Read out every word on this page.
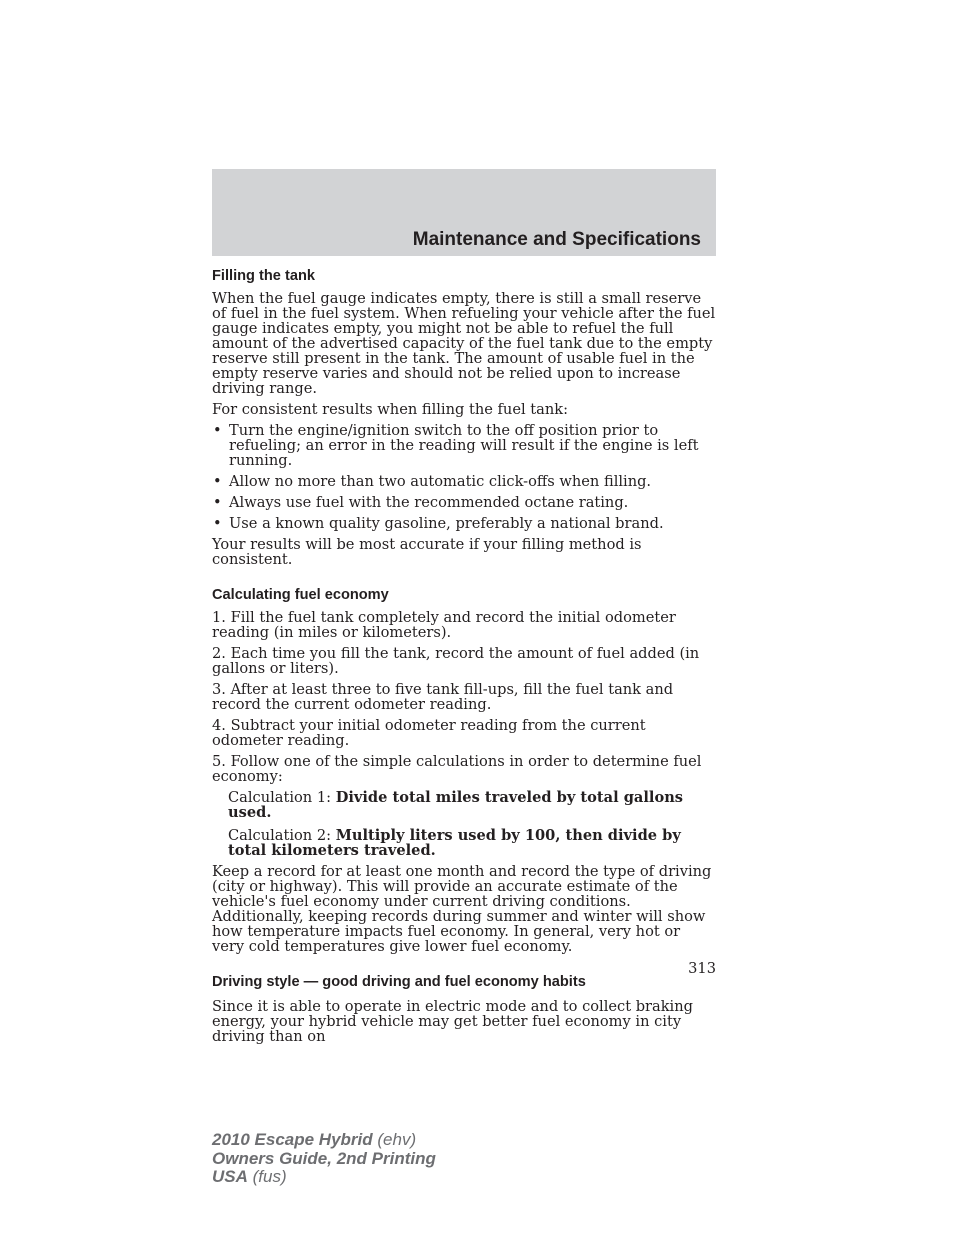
Maintenance and Specifications
Filling the tank

When the fuel gauge indicates empty, there is still a small reserve of fuel in the fuel system. When refueling your vehicle after the fuel gauge indicates empty, you might not be able to refuel the full amount of the advertised capacity of the fuel tank due to the empty reserve still present in the tank. The amount of usable fuel in the empty reserve varies and should not be relied upon to increase driving range.

For consistent results when filling the fuel tank:

• Turn the engine/ignition switch to the off position prior to refueling; an error in the reading will result if the engine is left running.
• Allow no more than two automatic click-offs when filling.
• Always use fuel with the recommended octane rating.
• Use a known quality gasoline, preferably a national brand.

Your results will be most accurate if your filling method is consistent.

Calculating fuel economy

1. Fill the fuel tank completely and record the initial odometer reading (in miles or kilometers).

2. Each time you fill the tank, record the amount of fuel added (in gallons or liters).

3. After at least three to five tank fill-ups, fill the fuel tank and record the current odometer reading.

4. Subtract your initial odometer reading from the current odometer reading.

5. Follow one of the simple calculations in order to determine fuel economy:

Calculation 1: Divide total miles traveled by total gallons used.

Calculation 2: Multiply liters used by 100, then divide by total kilometers traveled.

Keep a record for at least one month and record the type of driving (city or highway). This will provide an accurate estimate of the vehicle's fuel economy under current driving conditions. Additionally, keeping records during summer and winter will show how temperature impacts fuel economy. In general, very hot or very cold temperatures give lower fuel economy.

Driving style — good driving and fuel economy habits

Since it is able to operate in electric mode and to collect braking energy, your hybrid vehicle may get better fuel economy in city driving than on

313
2010 Escape Hybrid (ehv)
Owners Guide, 2nd Printing
USA (fus)
